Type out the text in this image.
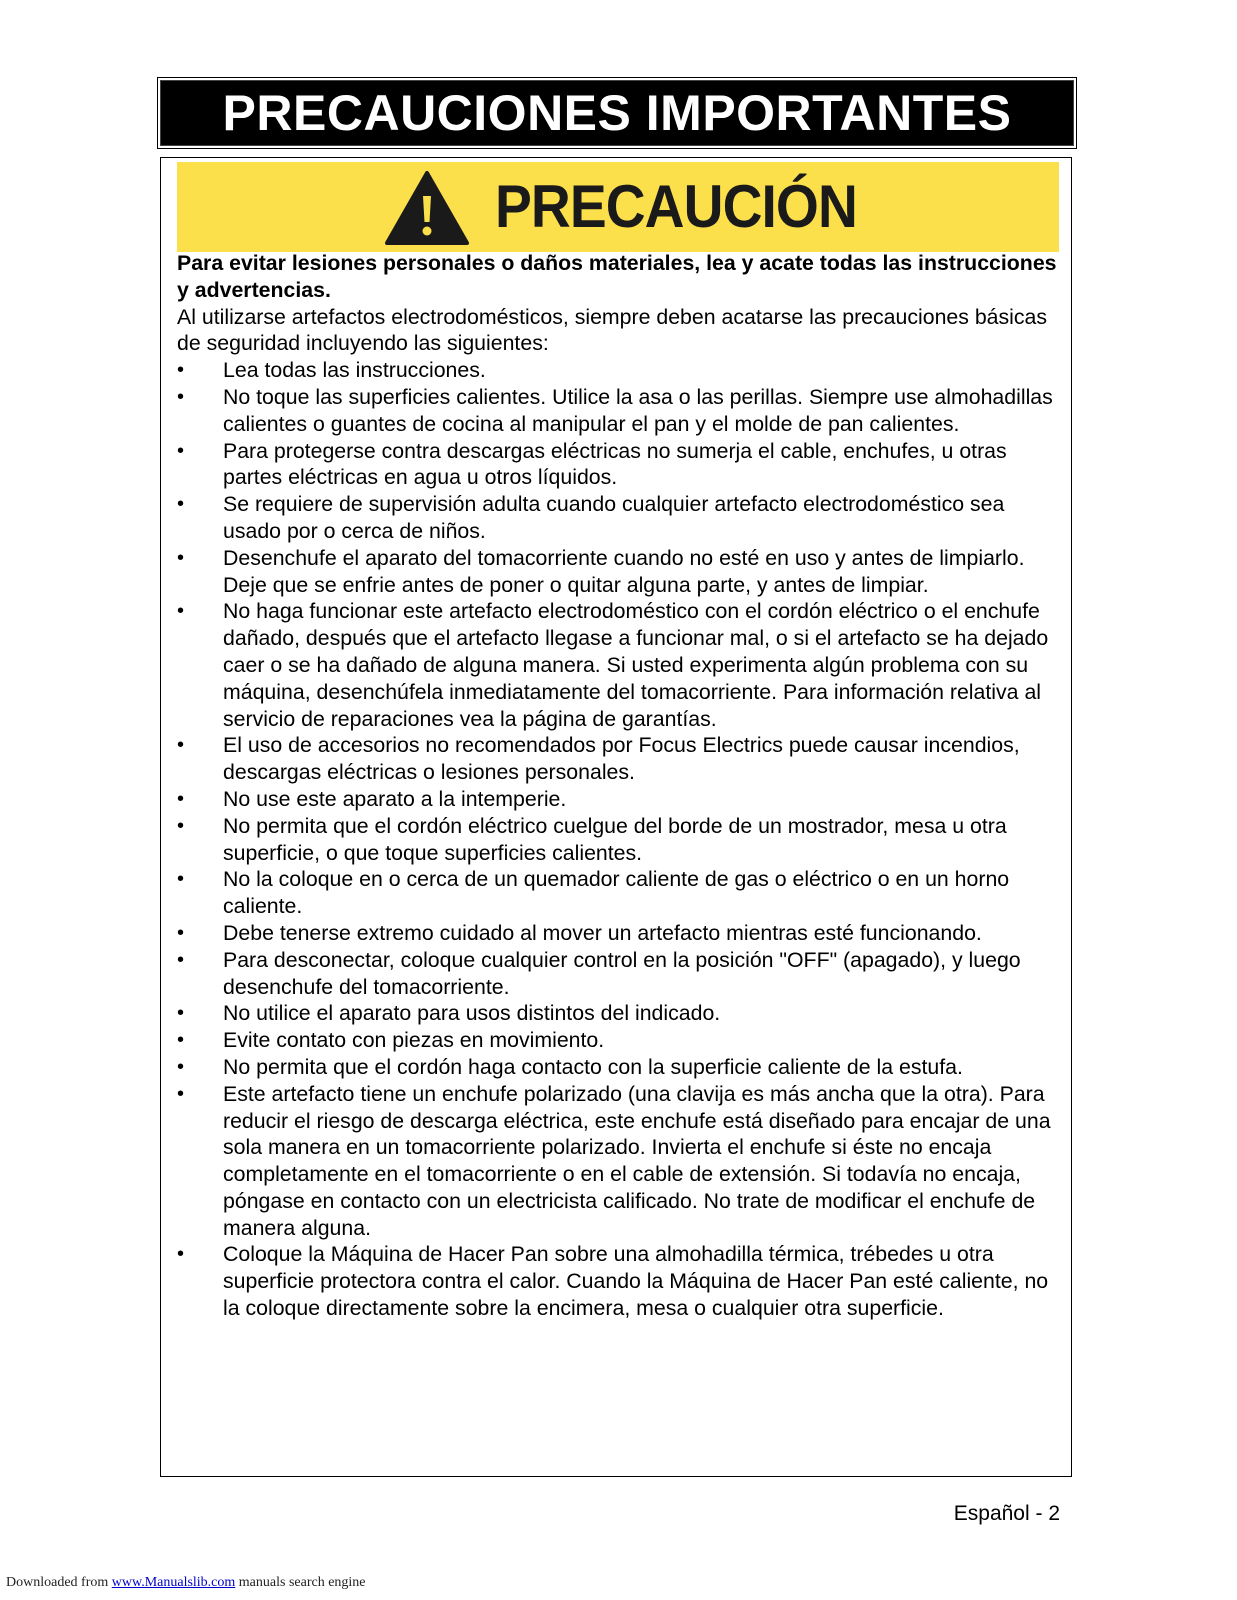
PRECAUCIONES IMPORTANTES
PRECAUCIÓN

Para evitar lesiones personales o daños materiales, lea y acate todas las instrucciones y advertencias.

Al utilizarse artefactos electrodomésticos, siempre deben acatarse las precauciones básicas de seguridad incluyendo las siguientes:

• Lea todas las instrucciones.
• No toque las superficies calientes. Utilice la asa o las perillas. Siempre use almohadillas calientes o guantes de cocina al manipular el pan y el molde de pan calientes.
• Para protegerse contra descargas eléctricas no sumerja el cable, enchufes, u otras partes eléctricas en agua u otros líquidos.
• Se requiere de supervisión adulta cuando cualquier artefacto electrodoméstico sea usado por o cerca de niños.
• Desenchufe el aparato del tomacorriente cuando no esté en uso y antes de limpiarlo. Deje que se enfrie antes de poner o quitar alguna parte, y antes de limpiar.
• No haga funcionar este artefacto electrodoméstico con el cordón eléctrico o el enchufe dañado, después que el artefacto llegase a funcionar mal, o si el artefacto se ha dejado caer o se ha dañado de alguna manera. Si usted experimenta algún problema con su máquina, desenchúfela inmediatamente del tomacorriente. Para información relativa al servicio de reparaciones vea la página de garantías.
• El uso de accesorios no recomendados por Focus Electrics puede causar incendios, descargas eléctricas o lesiones personales.
• No use este aparato a la intemperie.
• No permita que el cordón eléctrico cuelgue del borde de un mostrador, mesa u otra superficie, o que toque superficies calientes.
• No la coloque en o cerca de un quemador caliente de gas o eléctrico o en un horno caliente.
• Debe tenerse extremo cuidado al mover un artefacto mientras esté funcionando.
• Para desconectar, coloque cualquier control en la posición "OFF" (apagado), y luego desenchufe del tomacorriente.
• No utilice el aparato para usos distintos del indicado.
• Evite contato con piezas en movimiento.
• No permita que el cordón haga contacto con la superficie caliente de la estufa.
• Este artefacto tiene un enchufe polarizado (una clavija es más ancha que la otra). Para reducir el riesgo de descarga eléctrica, este enchufe está diseñado para encajar de una sola manera en un tomacorriente polarizado. Invierta el enchufe si éste no encaja completamente en el tomacorriente o en el cable de extensión. Si todavía no encaja, póngase en contacto con un electricista calificado. No trate de modificar el enchufe de manera alguna.
• Coloque la Máquina de Hacer Pan sobre una almohadilla térmica, trébedes u otra superficie protectora contra el calor. Cuando la Máquina de Hacer Pan esté caliente, no la coloque directamente sobre la encimera, mesa o cualquier otra superficie.
Español - 2
Downloaded from www.Manualslib.com manuals search engine
